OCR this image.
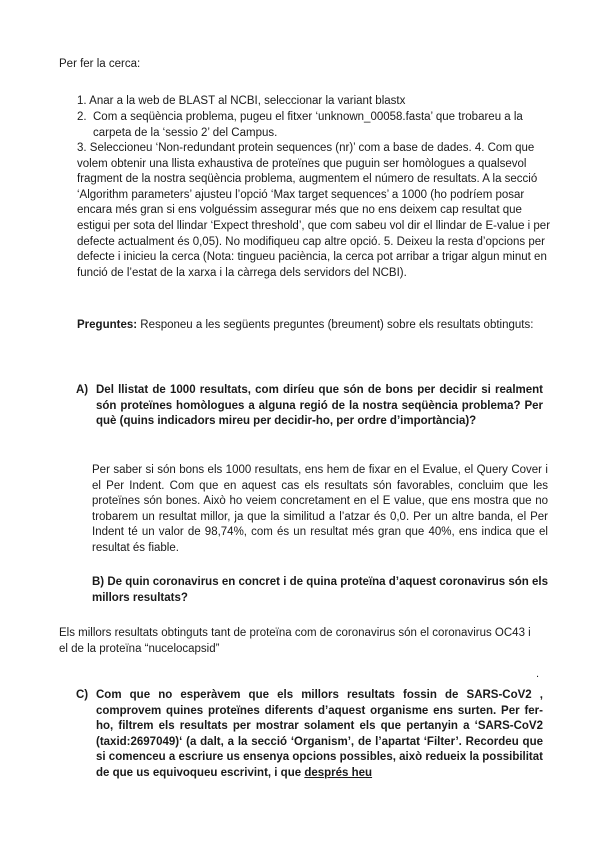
Per fer la cerca:

1. Anar a la web de BLAST al NCBI, seleccionar la variant blastx
2. Com a seqüència problema, pugeu el fitxer ‘unknown_00058.fasta’ que trobareu a la carpeta de la ‘sessio 2’ del Campus.

3. Seleccioneu ‘Non-redundant protein sequences (nr)’ com a base de dades. 4. Com que volem obtenir una llista exhaustiva de proteïnes que puguin ser homòlogues a qualsevol fragment de la nostra seqüència problema, augmentem el número de resultats. A la secció ‘Algorithm parameters’ ajusteu l’opció ‘Max target sequences’ a 1000 (ho podríem posar encara més gran si ens volguéssim assegurar més que no ens deixem cap resultat que estigui per sota del llindar ‘Expect threshold’, que com sabeu vol dir el llindar de E-value i per defecte actualment és 0,05). No modifiqueu cap altre opció. 5. Deixeu la resta d’opcions per defecte i inicieu la cerca (Nota: tingueu paciència, la cerca pot arribar a trigar algun minut en funció de l’estat de la xarxa i la càrrega dels servidors del NCBI).

Preguntes: Responeu a les següents preguntes (breument) sobre els resultats obtinguts:

A) Del llistat de 1000 resultats, com diríeu que són de bons per decidir si realment són proteïnes homòlogues a alguna regió de la nostra seqüència problema? Per què (quins indicadors mireu per decidir-ho, per ordre d’importància)?

Per saber si són bons els 1000 resultats, ens hem de fixar en el Evalue, el Query Cover i el Per Indent. Com que en aquest cas els resultats són favorables, concluim que les proteïnes són bones. Això ho veiem concretament en el E value, que ens mostra que no trobarem un resultat millor, ja que la similitud a l’atzar és 0,0. Per un altre banda, el Per Indent té un valor de 98,74%, com és un resultat més gran que 40%, ens indica que el resultat és fiable.

B) De quin coronavirus en concret i de quina proteïna d’aquest coronavirus són els millors resultats?

Els millors resultats obtinguts tant de proteïna com de coronavirus són el coronavirus OC43 i el de la proteïna “nucelocapsid”

.
C) Com que no esperàvem que els millors resultats fossin de SARS-CoV2 , comprovem quines proteïnes diferents d’aquest organisme ens surten. Per fer-ho, filtrem els resultats per mostrar solament els que pertanyin a ‘SARS-CoV2 (taxid:2697049)‘ (a dalt, a la secció ‘Organism’, de l’apartat ‘Filter’. Recordeu que si comenceu a escriure us ensenya opcions possibles, això redueix la possibilitat de que us equivoqueu escrivint, i que després heu
